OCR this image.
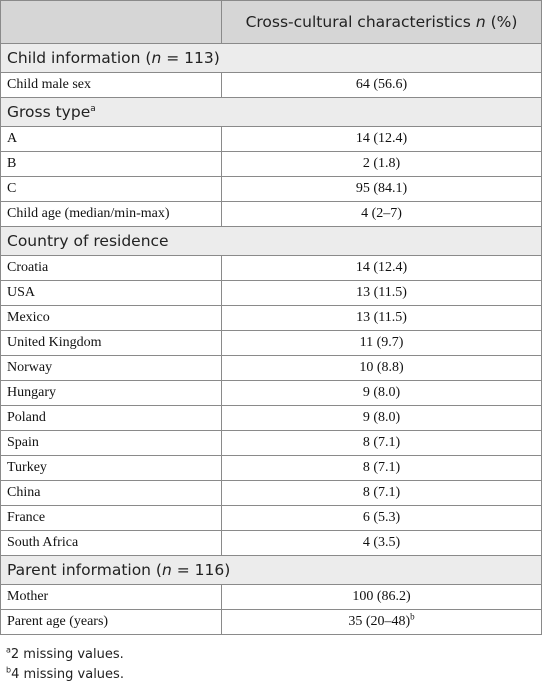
	Cross-cultural characteristics n (%)
Child information (n = 113)	
Child male sex	64 (56.6)
Gross type$^a$
A	14 (12.4)
B	2 (1.8)
C	95 (84.1)
Child age (median/min-max)	4 (2–7)
Country of residence	
Croatia	14 (12.4)
USA	13 (11.5)
Mexico	13 (11.5)
United Kingdom	11 (9.7)
Norway	10 (8.8)
Hungary	9 (8.0)
Poland	9 (8.0)
Spain	8 (7.1)
Turkey	8 (7.1)
China	8 (7.1)
France	6 (5.3)
South Africa	4 (3.5)
Parent information (n = 116)	
Mother	100 (86.2)
Parent age (years)	35 $(20-48)^b$
$^a$2 missing values.
$^b$4 missing values.
